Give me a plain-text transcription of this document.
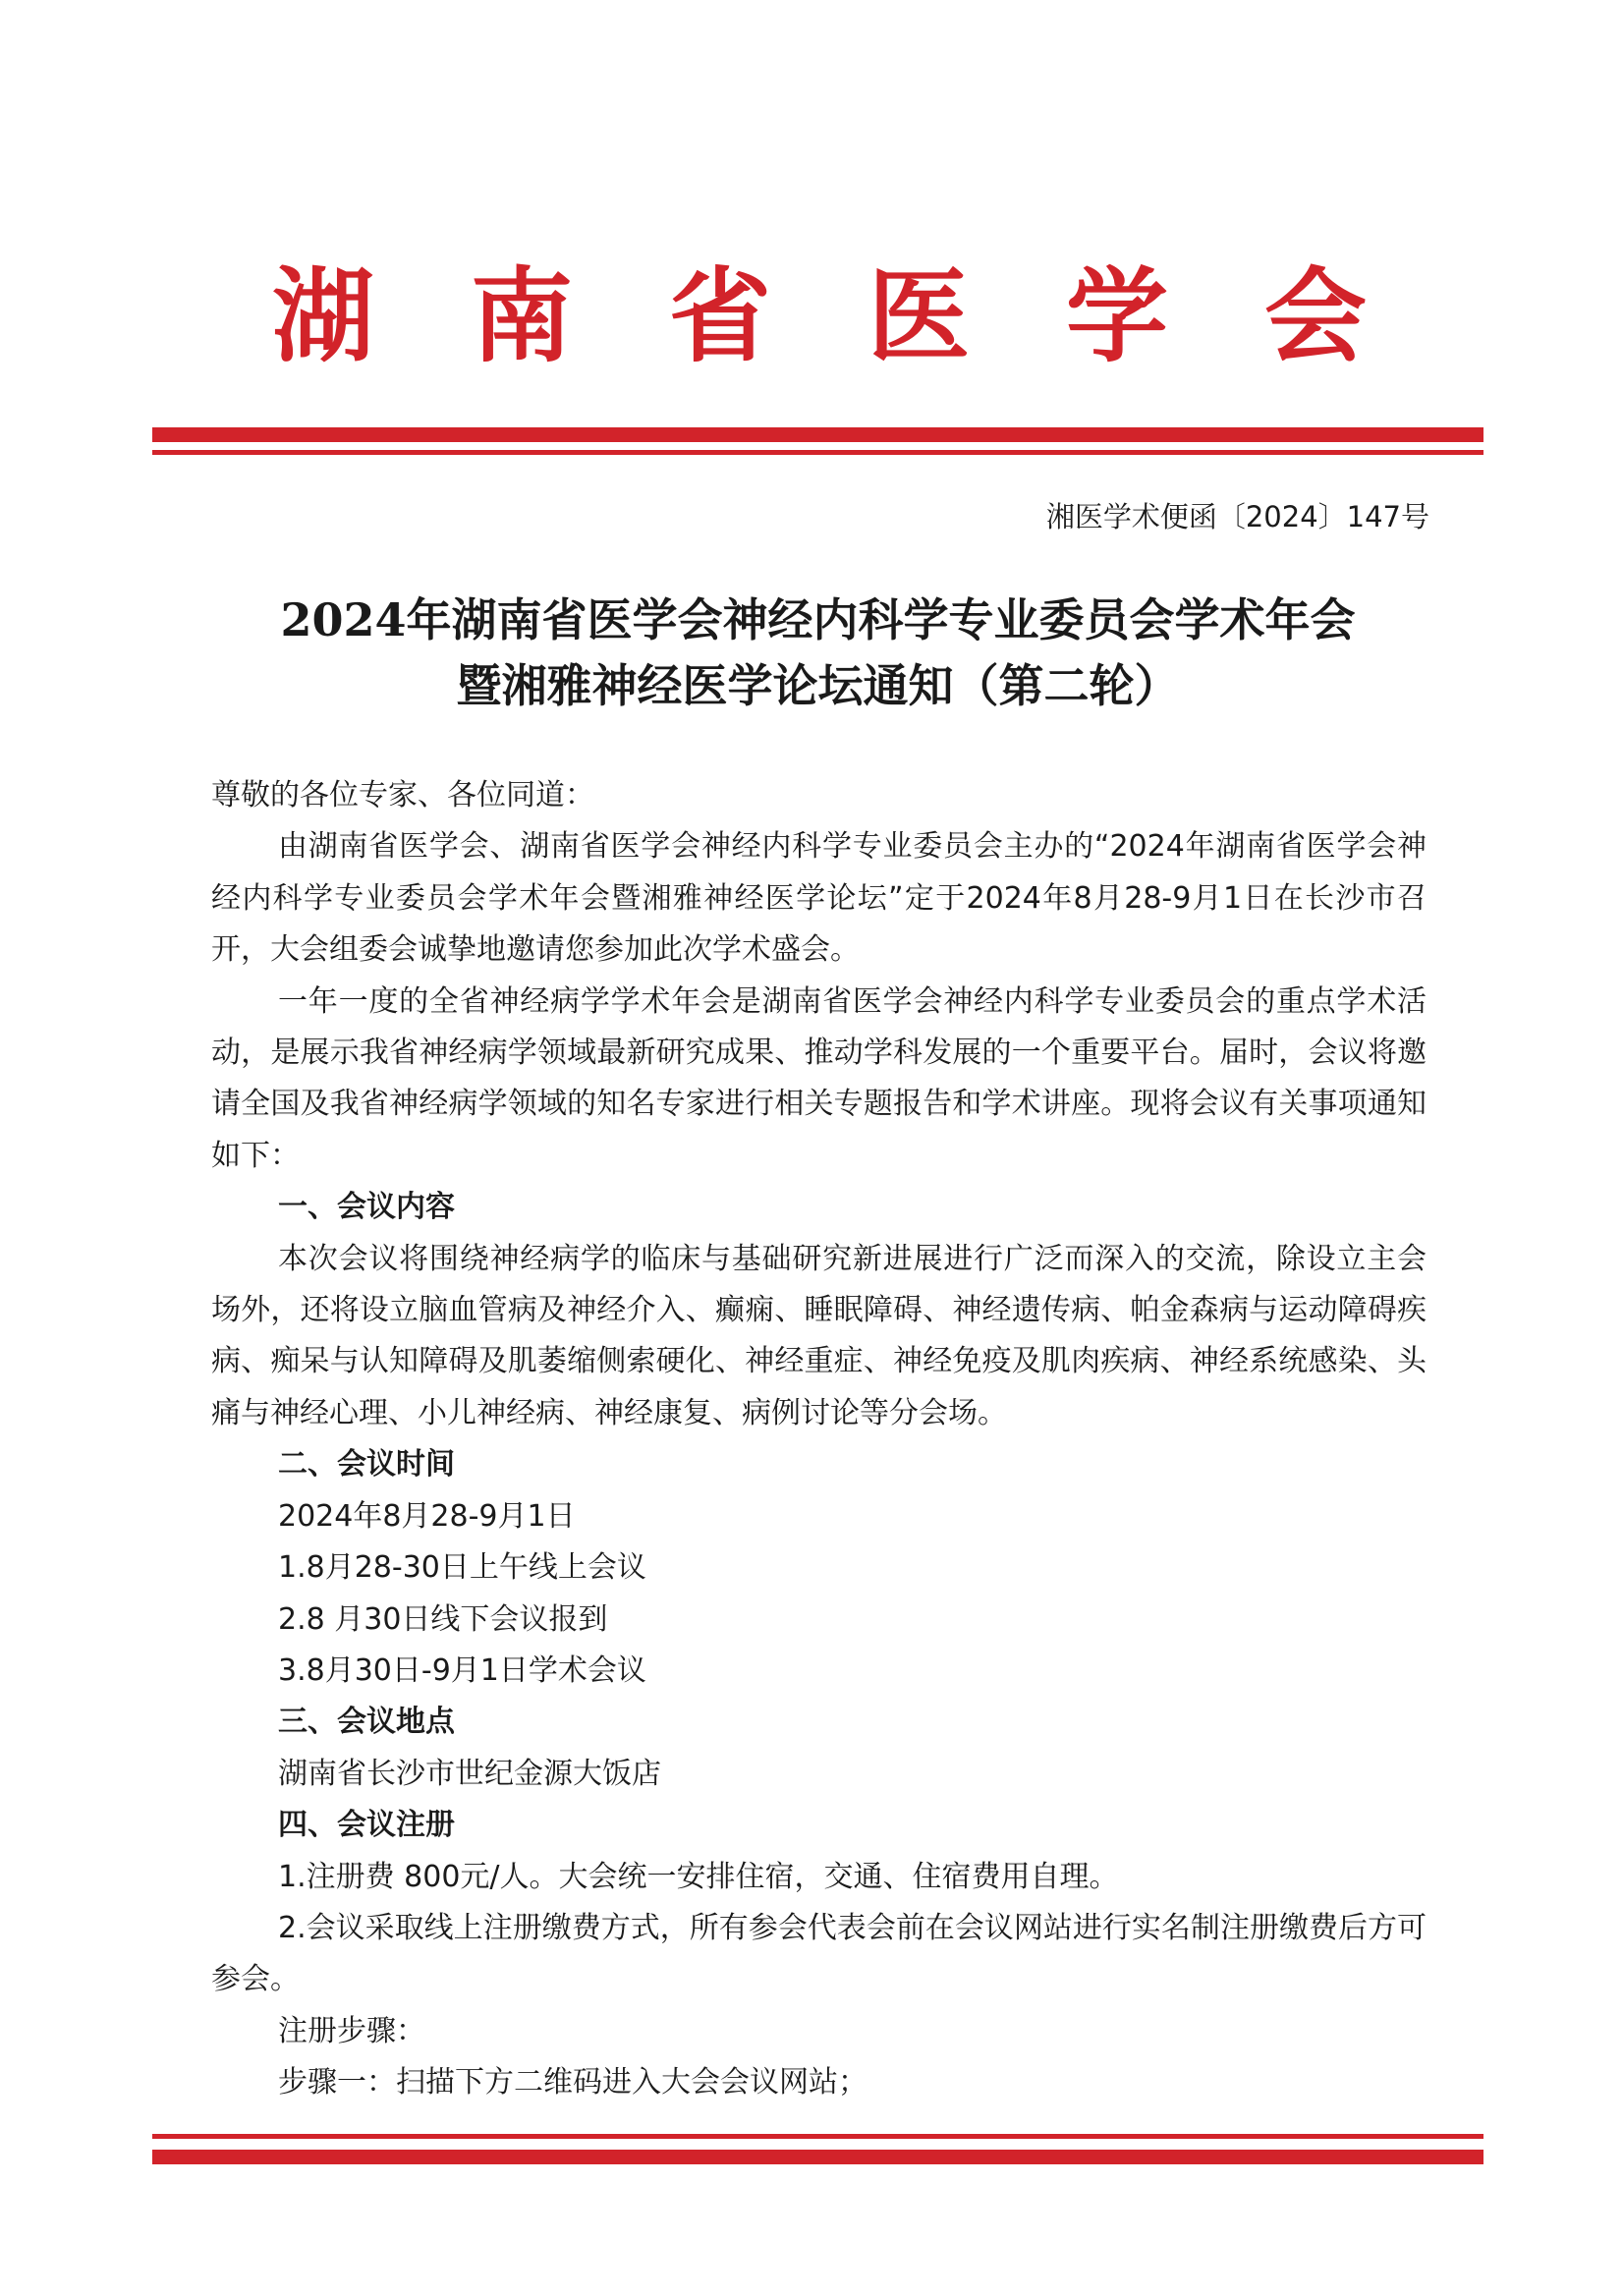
湖 南 省 医 学 会
湘医学术便函〔2024〕147号
2024年湖南省医学会神经内科学专业委员会学术年会
暨湘雅神经医学论坛通知（第二轮）

尊敬的各位专家、各位同道：

由湖南省医学会、湖南省医学会神经内科学专业委员会主办的“2024年湖南省医学会神经内科学专业委员会学术年会暨湘雅神经医学论坛”定于2024年8月28-9月1日在长沙市召开，大会组委会诚挚地邀请您参加此次学术盛会。

一年一度的全省神经病学学术年会是湖南省医学会神经内科学专业委员会的重点学术活动，是展示我省神经病学领域最新研究成果、推动学科发展的一个重要平台。届时，会议将邀请全国及我省神经病学领域的知名专家进行相关专题报告和学术讲座。现将会议有关事项通知如下：

一、会议内容

本次会议将围绕神经病学的临床与基础研究新进展进行广泛而深入的交流，除设立主会场外，还将设立脑血管病及神经介入、癫痫、睡眠障碍、神经遗传病、帕金森病与运动障碍疾病、痴呆与认知障碍及肌萎缩侧索硬化、神经重症、神经免疫及肌肉疾病、神经系统感染、头痛与神经心理、小儿神经病、神经康复、病例讨论等分会场。

二、会议时间

2024年8月28-9月1日

1.8月28-30日上午线上会议

2.8 月30日线下会议报到

3.8月30日-9月1日学术会议

三、会议地点

湖南省长沙市世纪金源大饭店

四、会议注册

1.注册费 800元/人。大会统一安排住宿，交通、住宿费用自理。

2.会议采取线上注册缴费方式，所有参会代表会前在会议网站进行实名制注册缴费后方可参会。

注册步骤：

步骤一：扫描下方二维码进入大会会议网站；
